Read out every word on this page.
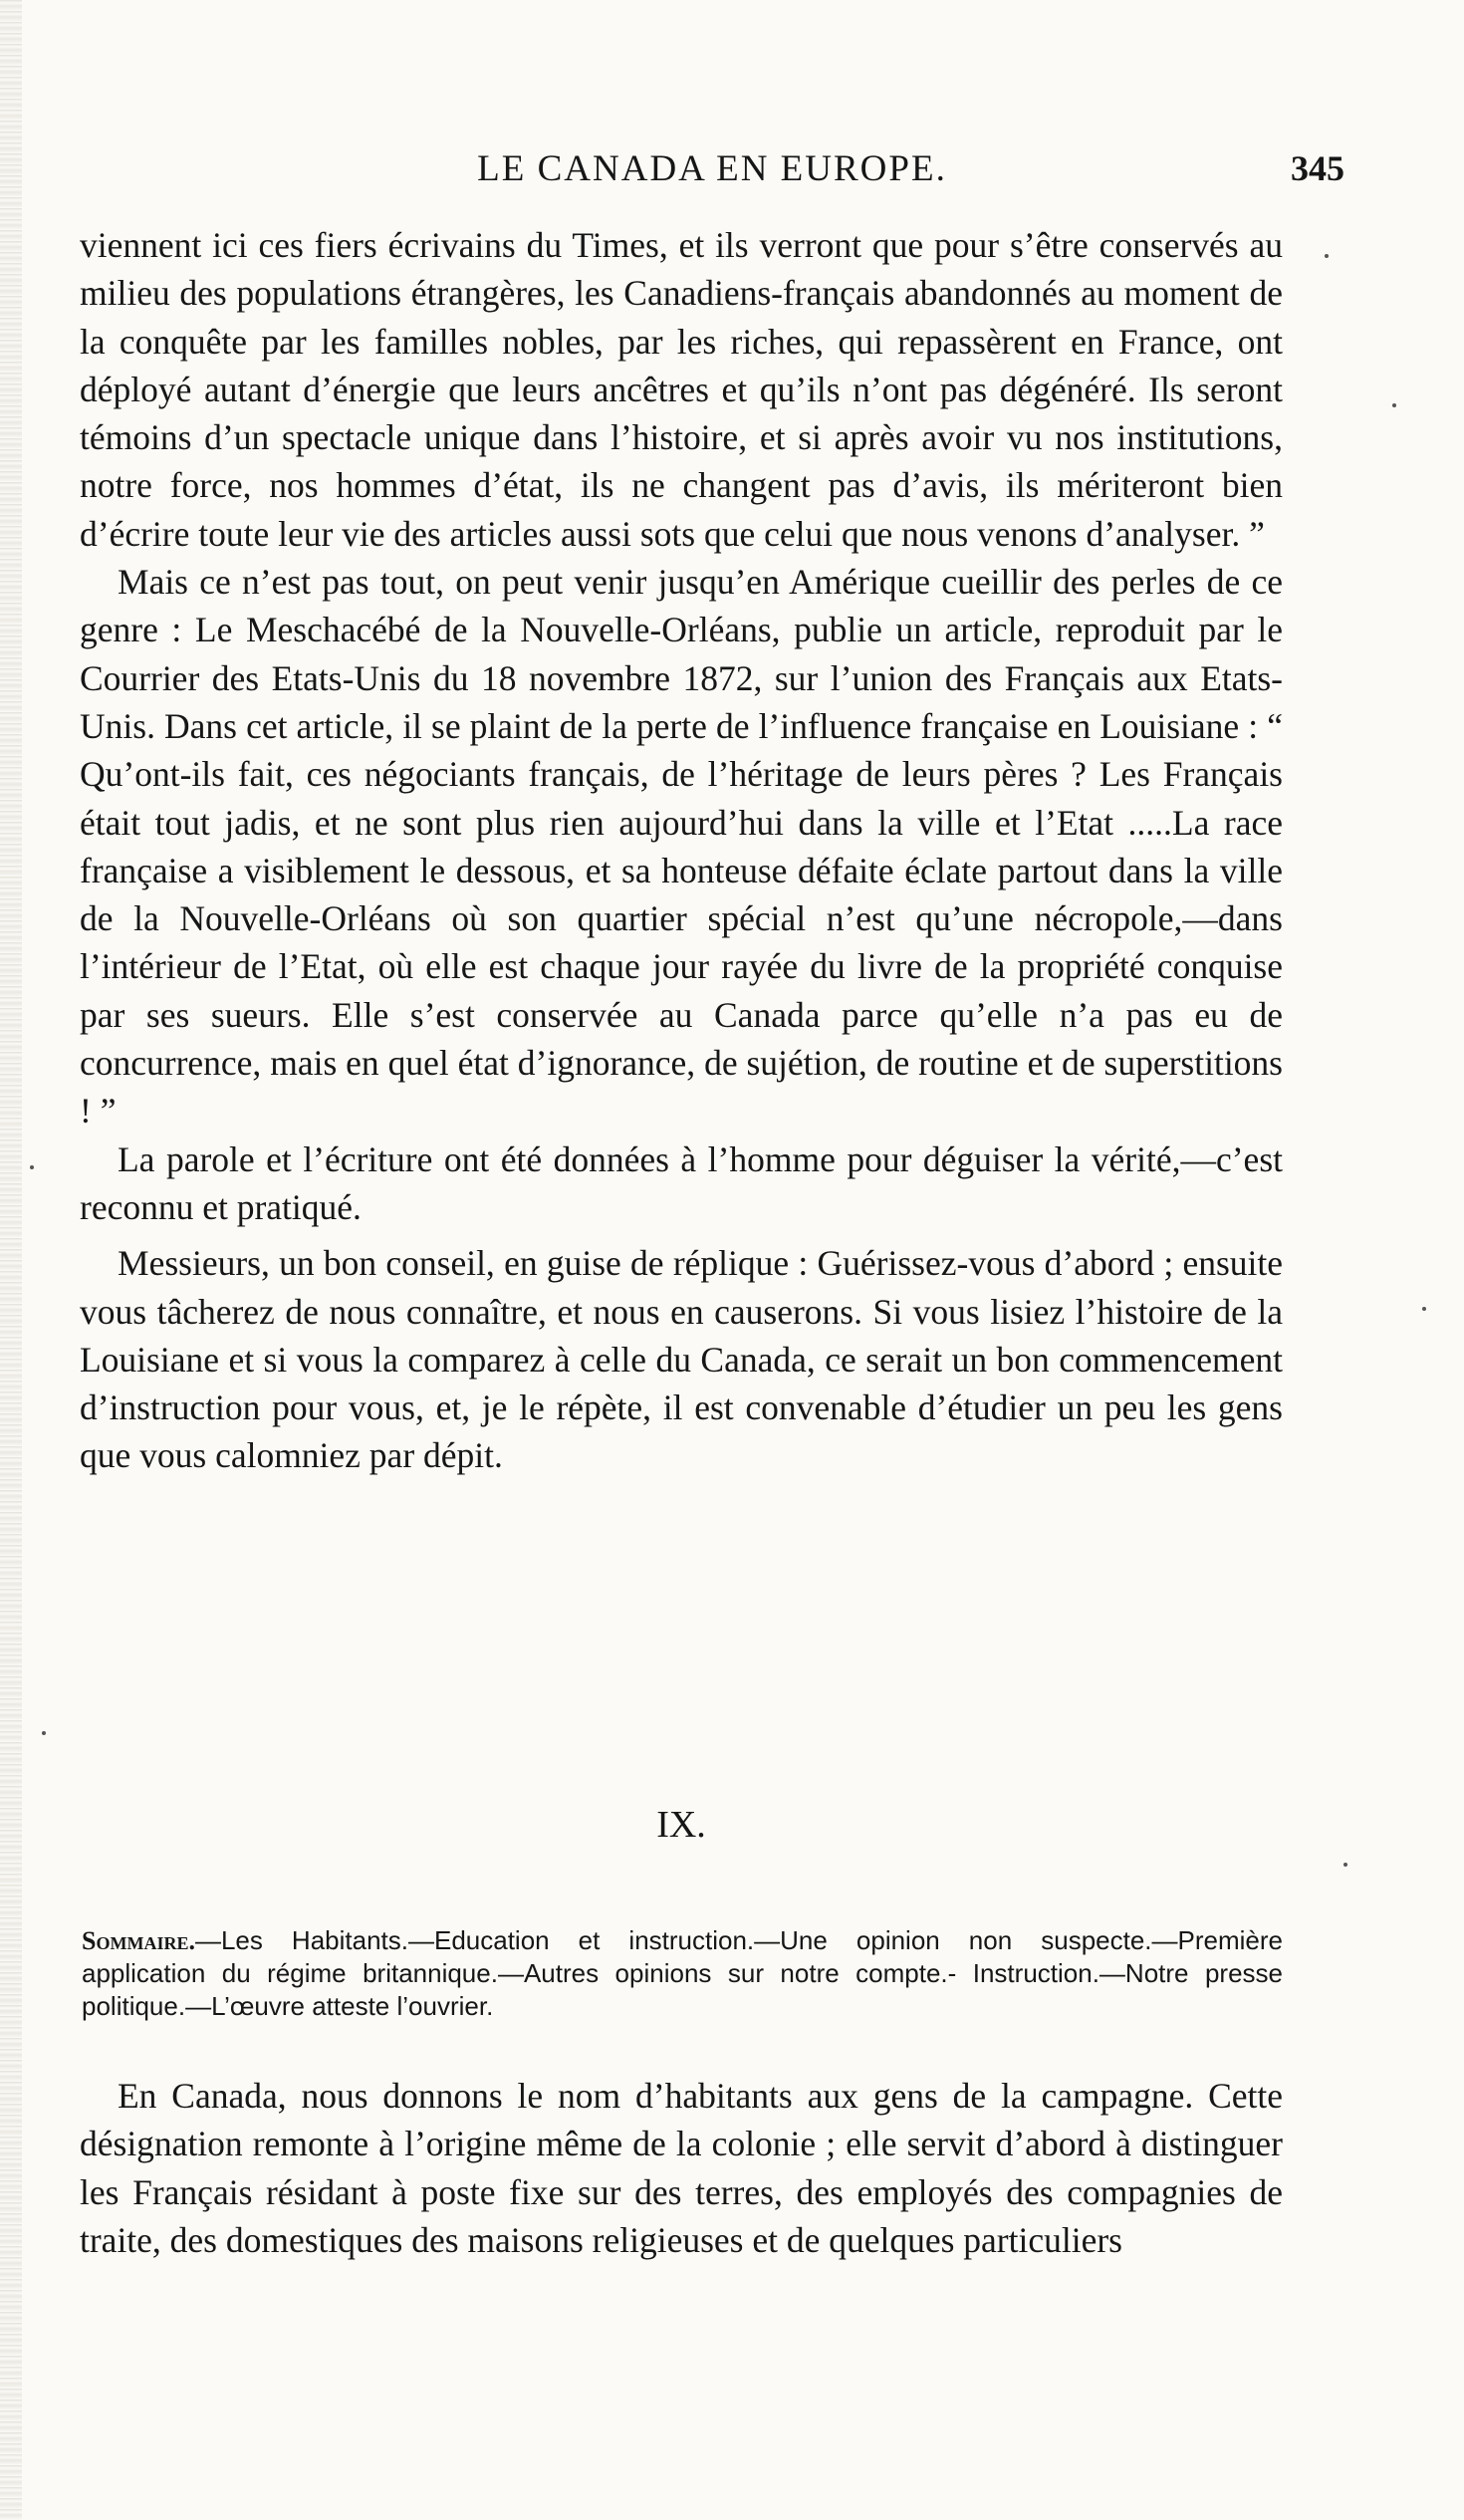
LE CANADA EN EUROPE.	345

viennent ici ces fiers écrivains du Times, et ils verront que pour s’être conservés au milieu des populations étrangères, les Canadiens-français abandonnés au moment de la conquête par les familles nobles, par les riches, qui repassèrent en France, ont déployé autant d’énergie que leurs ancêtres et qu’ils n’ont pas dégénéré. Ils seront témoins d’un spectacle unique dans l’histoire, et si après avoir vu nos institutions, notre force, nos hommes d’état, ils ne changent pas d’avis, ils mériteront bien d’écrire toute leur vie des articles aussi sots que celui que nous venons d’analyser. ”

Mais ce n’est pas tout, on peut venir jusqu’en Amérique cueillir des perles de ce genre : Le Meschacébé de la Nouvelle-Orléans, publie un article, reproduit par le Courrier des Etats-Unis du 18 novembre 1872, sur l’union des Français aux Etats-Unis. Dans cet article, il se plaint de la perte de l’influence française en Louisiane : “ Qu’ont-ils fait, ces négociants français, de l’héritage de leurs pères ? Les Français était tout jadis, et ne sont plus rien aujourd’hui dans la ville et l’Etat .....La race française a visiblement le dessous, et sa honteuse défaite éclate partout dans la ville de la Nouvelle-Orléans où son quartier spécial n’est qu’une nécropole,—dans l’intérieur de l’Etat, où elle est chaque jour rayée du livre de la propriété conquise par ses sueurs. Elle s’est conservée au Canada parce qu’elle n’a pas eu de concurrence, mais en quel état d’ignorance, de sujétion, de routine et de superstitions ! ”

La parole et l’écriture ont été données à l’homme pour déguiser la vérité,—c’est reconnu et pratiqué.

Messieurs, un bon conseil, en guise de réplique : Guérissez-vous d’abord ; ensuite vous tâcherez de nous connaître, et nous en causerons. Si vous lisiez l’histoire de la Louisiane et si vous la comparez à celle du Canada, ce serait un bon commencement d’instruction pour vous, et, je le répète, il est convenable d’étudier un peu les gens que vous calomniez par dépit.

IX.
Sommaire.—Les Habitants.—Education et instruction.—Une opinion non suspecte.—Première application du régime britannique.—Autres opinions sur notre compte.- Instruction.—Notre presse politique.—L’œuvre atteste l’ouvrier.

En Canada, nous donnons le nom d’habitants aux gens de la campagne. Cette désignation remonte à l’origine même de la colonie ; elle servit d’abord à distinguer les Français résidant à poste fixe sur des terres, des employés des compagnies de traite, des domestiques des maisons religieuses et de quelques particuliers
